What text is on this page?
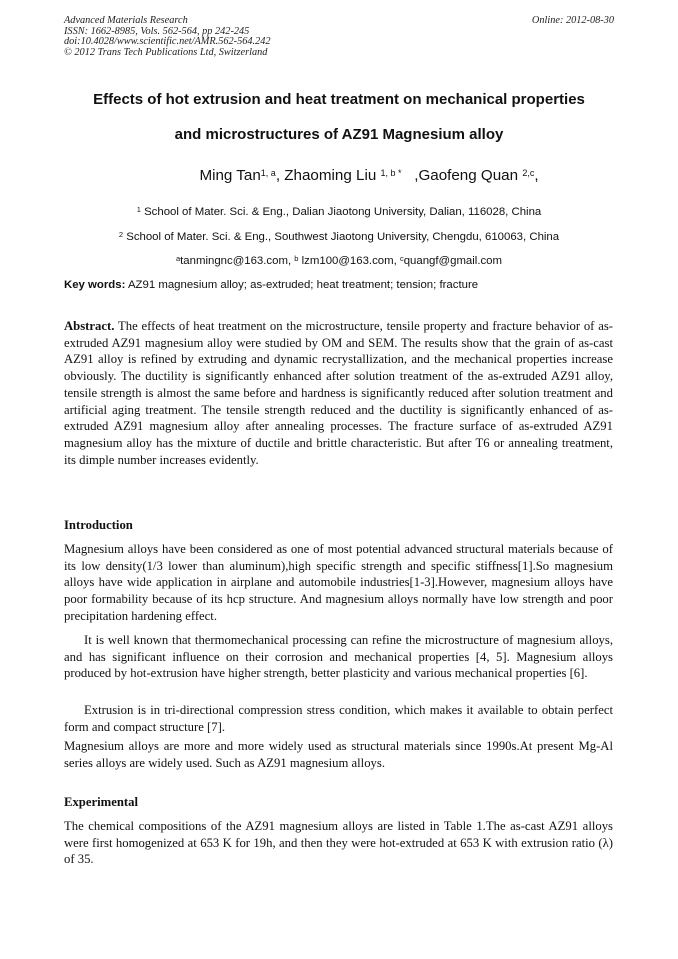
Advanced Materials Research
ISSN: 1662-8985, Vols. 562-564, pp 242-245
doi:10.4028/www.scientific.net/AMR.562-564.242
© 2012 Trans Tech Publications Ltd, Switzerland
Online: 2012-08-30
Effects of hot extrusion and heat treatment on mechanical properties
and microstructures of AZ91 Magnesium alloy
Ming Tan$^{1, a}$, Zhaoming Liu $^{1, b *}$   ,Gaofeng Quan $^{2,c}$,
$^1$ School of Mater. Sci. & Eng., Dalian Jiaotong University, Dalian, 116028, China
$^2$ School of Mater. Sci. & Eng., Southwest Jiaotong University, Chengdu, 610063, China
$^a$tanmingnc@163.com, $^b$ lzm100@163.com, $^c$quangf@gmail.com
Key words: AZ91 magnesium alloy; as-extruded; heat treatment; tension; fracture
Abstract. The effects of heat treatment on the microstructure, tensile property and fracture behavior of as-extruded AZ91 magnesium alloy were studied by OM and SEM. The results show that the grain of as-cast AZ91 alloy is refined by extruding and dynamic recrystallization, and the mechanical properties increase obviously. The ductility is significantly enhanced after solution treatment of the as-extruded AZ91 alloy, tensile strength is almost the same before and hardness is significantly reduced after solution treatment and artificial aging treatment. The tensile strength reduced and the ductility is significantly enhanced of as-extruded AZ91 magnesium alloy after annealing processes. The fracture surface of as-extruded AZ91 magnesium alloy has the mixture of ductile and brittle characteristic. But after T6 or annealing treatment, its dimple number increases evidently.
Introduction
Magnesium alloys have been considered as one of most potential advanced structural materials because of its low density(1/3 lower than aluminum),high specific strength and specific stiffness[1].So magnesium alloys have wide application in airplane and automobile industries[1-3].However, magnesium alloys have poor formability because of its hcp structure. And magnesium alloys normally have low strength and poor precipitation hardening effect.
It is well known that thermomechanical processing can refine the microstructure of magnesium alloys, and has significant influence on their corrosion and mechanical properties [4, 5]. Magnesium alloys produced by hot-extrusion have higher strength, better plasticity and various mechanical properties [6].
Extrusion is in tri-directional compression stress condition, which makes it available to obtain perfect form and compact structure [7].
Magnesium alloys are more and more widely used as structural materials since 1990s.At present Mg-Al series alloys are widely used. Such as AZ91 magnesium alloys.
Experimental
The chemical compositions of the AZ91 magnesium alloys are listed in Table 1.The as-cast AZ91 alloys were first homogenized at 653 K for 19h, and then they were hot-extruded at 653 K with extrusion ratio (λ) of 35.
